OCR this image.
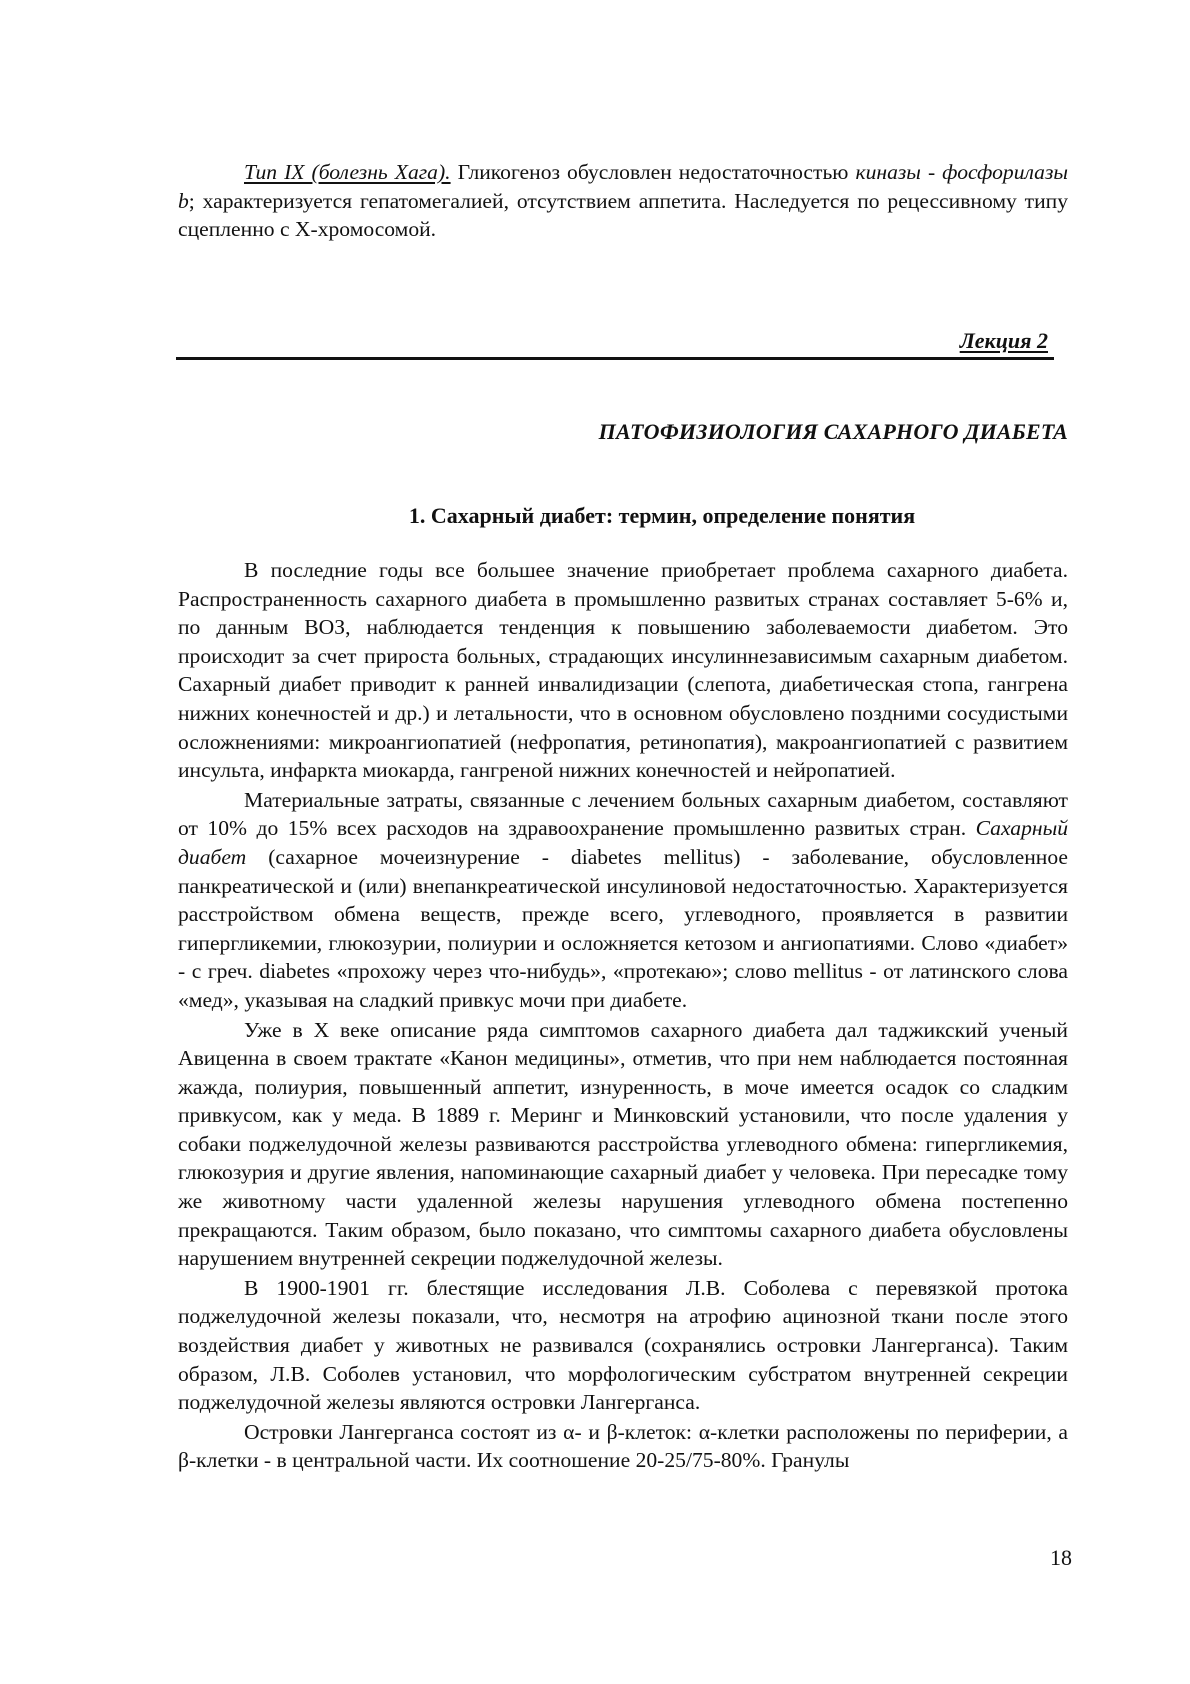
Тип IX (болезнь Хага). Гликогеноз обусловлен недостаточностью киназы - фосфорилазы b; характеризуется гепатомегалией, отсутствием аппетита. Наследуется по рецессивному типу сцепленно с X-хромосомой.

Лекция 2
ПАТОФИЗИОЛОГИЯ САХАРНОГО ДИАБЕТА
1. Сахарный диабет: термин, определение понятия

В последние годы все большее значение приобретает проблема сахарного диабета. Распространенность сахарного диабета в промышленно развитых странах составляет 5-6% и, по данным ВОЗ, наблюдается тенденция к повышению заболеваемости диабетом. Это происходит за счет прироста больных, страдающих инсулиннезависимым сахарным диабетом. Сахарный диабет приводит к ранней инвалидизации (слепота, диабетическая стопа, гангрена нижних конечностей и др.) и летальности, что в основном обусловлено поздними сосудистыми осложнениями: микроангиопатией (нефропатия, ретинопатия), макроангиопатией с развитием инсульта, инфаркта миокарда, гангреной нижних конечностей и нейропатией.

Материальные затраты, связанные с лечением больных сахарным диабетом, составляют от 10% до 15% всех расходов на здравоохранение промышленно развитых стран. Сахарный диабет (сахарное мочеизнурение - diabetes mellitus) - заболевание, обусловленное панкреатической и (или) внепанкреатической инсулиновой недостаточностью. Характеризуется расстройством обмена веществ, прежде всего, углеводного, проявляется в развитии гипергликемии, глюкозурии, полиурии и осложняется кетозом и ангиопатиями. Слово «диабет» - с греч. diabetes «прохожу через что-нибудь», «протекаю»; слово mellitus - от латинского слова «мед», указывая на сладкий привкус мочи при диабете.

Уже в X веке описание ряда симптомов сахарного диабета дал таджикский ученый Авиценна в своем трактате «Канон медицины», отметив, что при нем наблюдается постоянная жажда, полиурия, повышенный аппетит, изнуренность, в моче имеется осадок со сладким привкусом, как у меда. В 1889 г. Меринг и Минковский установили, что после удаления у собаки поджелудочной железы развиваются расстройства углеводного обмена: гипергликемия, глюкозурия и другие явления, напоминающие сахарный диабет у человека. При пересадке тому же животному части удаленной железы нарушения углеводного обмена постепенно прекращаются. Таким образом, было показано, что симптомы сахарного диабета обусловлены нарушением внутренней секреции поджелудочной железы.

В 1900-1901 гг. блестящие исследования Л.В. Соболева с перевязкой протока поджелудочной железы показали, что, несмотря на атрофию ацинозной ткани после этого воздействия диабет у животных не развивался (сохранялись островки Лангерганса). Таким образом, Л.В. Соболев установил, что морфологическим субстратом внутренней секреции поджелудочной железы являются островки Лангерганса.

Островки Лангерганса состоят из α- и β-клеток: α-клетки расположены по периферии, а β-клетки - в центральной части. Их соотношение 20-25/75-80%. Гранулы

18
